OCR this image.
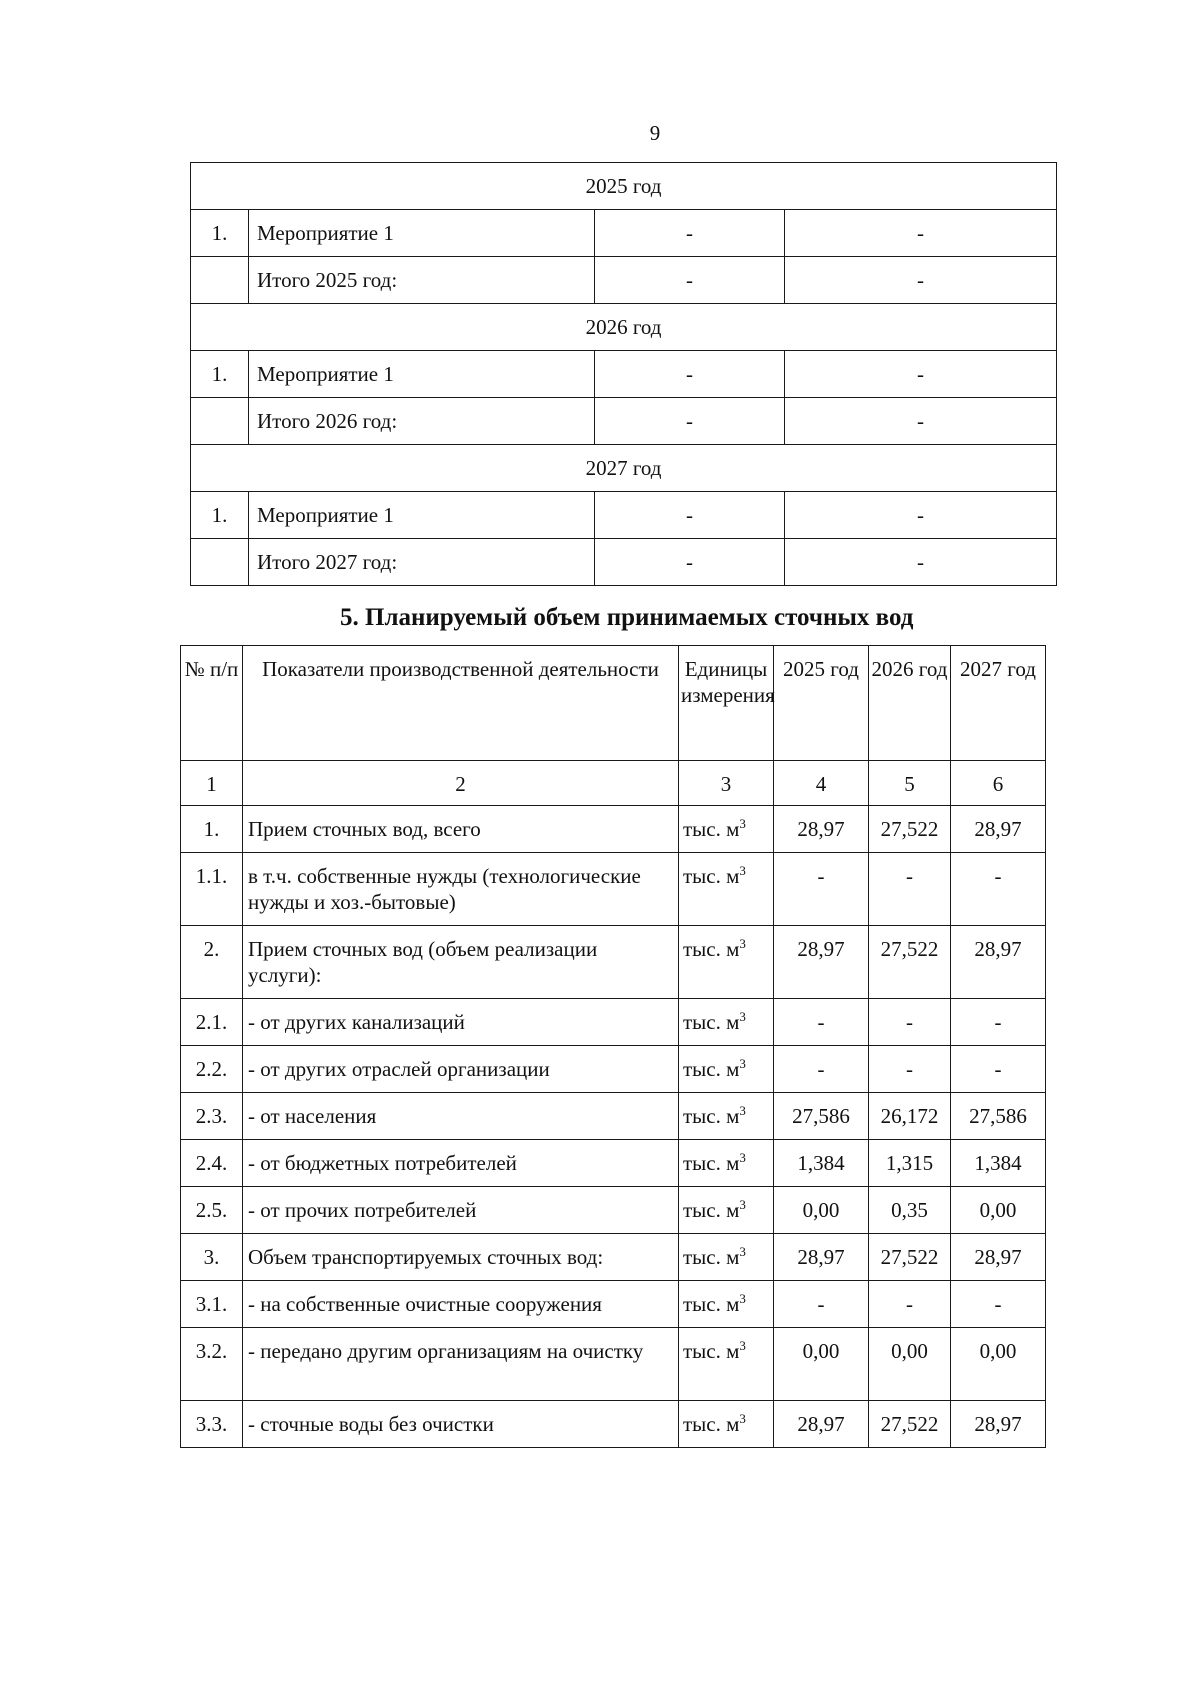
9
2025 год			
1.	Мероприятие 1	-	-
	Итого 2025 год:	-	-
2026 год			
1.	Мероприятие 1	-	-
	Итого 2026 год:	-	-
2027 год			
1.	Мероприятие 1	-	-
	Итого 2027 год:	-	-
5. Планируемый объем принимаемых сточных вод
№ п/п	Показатели производственной деятельности	Единицы измерения	2025 год	2026 год	2027 год
1	2	3	4	5	6
1.	Прием сточных вод, всего	тыс. $м^3$	28,97	27,522	28,97
1.1.	в т.ч. собственные нужды (технологические нужды и хоз.-бытовые)	тыс. $м^3$	-	-	-
2.	Прием сточных вод (объем реализации услуги):	тыс. $м^3$	28,97	27,522	28,97
2.1.	- от других канализаций	тыс. $м^3$	-	-	-
2.2.	- от других отраслей организации	тыс. $м^3$	-	-	-
2.3.	- от населения	тыс. $м^3$	27,586	26,172	27,586
2.4.	- от бюджетных потребителей	тыс. $м^3$	1,384	1,315	1,384
2.5.	- от прочих потребителей	тыс. $м^3$	0,00	0,35	0,00
3.	Объем транспортируемых сточных вод:	тыс. $м^3$	28,97	27,522	28,97
3.1.	- на собственные очистные сооружения	тыс. $м^3$	-	-	-
3.2.	- передано другим организациям на очистку	тыс. $м^3$	0,00	0,00	0,00
3.3.	- сточные воды без очистки	тыс. $м^3$	28,97	27,522	28,97
